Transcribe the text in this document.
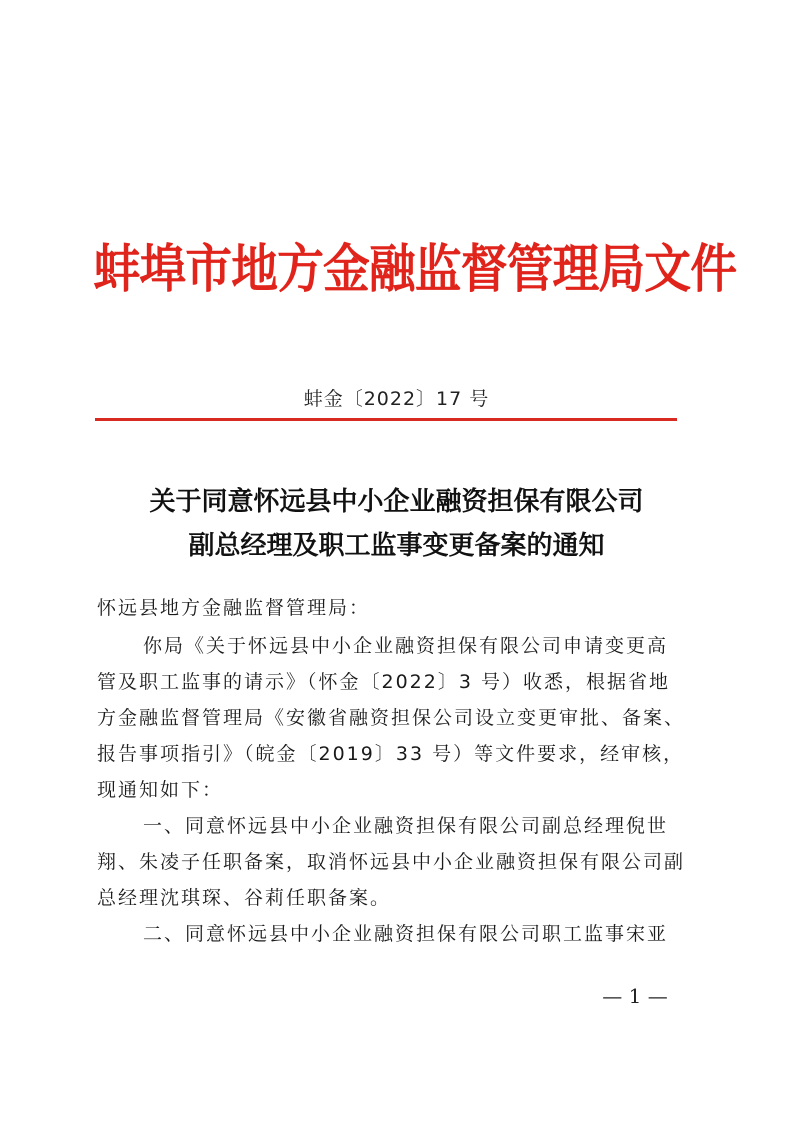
蚌埠市地方金融监督管理局文件
蚌金〔2022〕17 号
关于同意怀远县中小企业融资担保有限公司
副总经理及职工监事变更备案的通知

怀远县地方金融监督管理局：

你局《关于怀远县中小企业融资担保有限公司申请变更高管及职工监事的请示》（怀金〔2022〕3 号）收悉，根据省地方金融监督管理局《安徽省融资担保公司设立变更审批、备案、报告事项指引》（皖金〔2019〕33 号）等文件要求，经审核，现通知如下：

一、同意怀远县中小企业融资担保有限公司副总经理倪世翔、朱凌子任职备案，取消怀远县中小企业融资担保有限公司副总经理沈琪琛、谷莉任职备案。

二、同意怀远县中小企业融资担保有限公司职工监事宋亚

— 1 —
